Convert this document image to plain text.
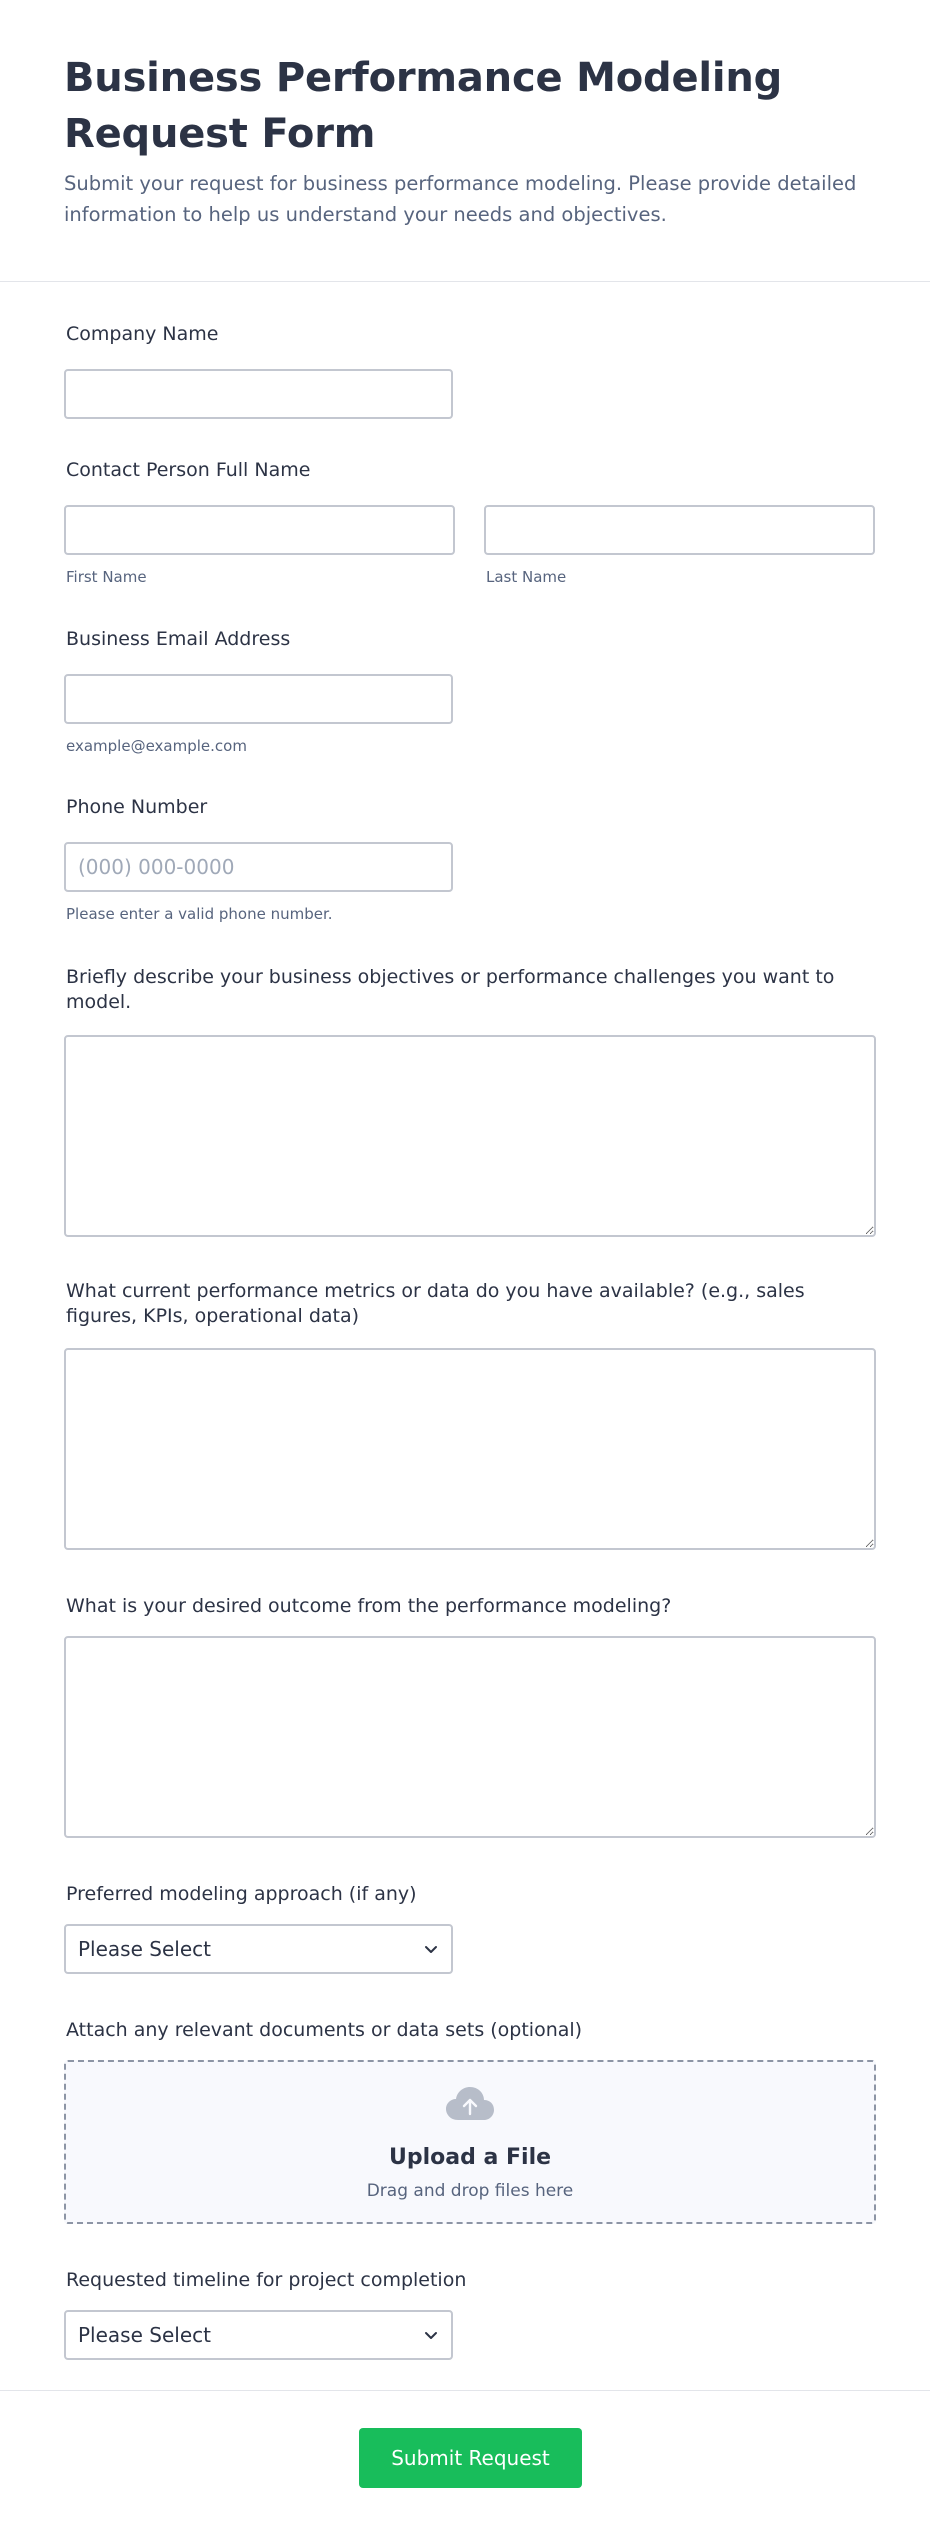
Business Performance Modeling Request Form

Submit your request for business performance modeling. Please provide detailed information to help us understand your needs and objectives.

Company Name
Contact Person Full Name
First Name	Last Name
Business Email Address
example@example.com
Phone Number
(000) 000-0000
Please enter a valid phone number.
Briefly describe your business objectives or performance challenges you want to model.
What current performance metrics or data do you have available? (e.g., sales figures, KPIs, operational data)
What is your desired outcome from the performance modeling?
Preferred modeling approach (if any)
Please Select
Attach any relevant documents or data sets (optional)
Upload a File
Drag and drop files here
Requested timeline for project completion
Please Select
Submit Request
